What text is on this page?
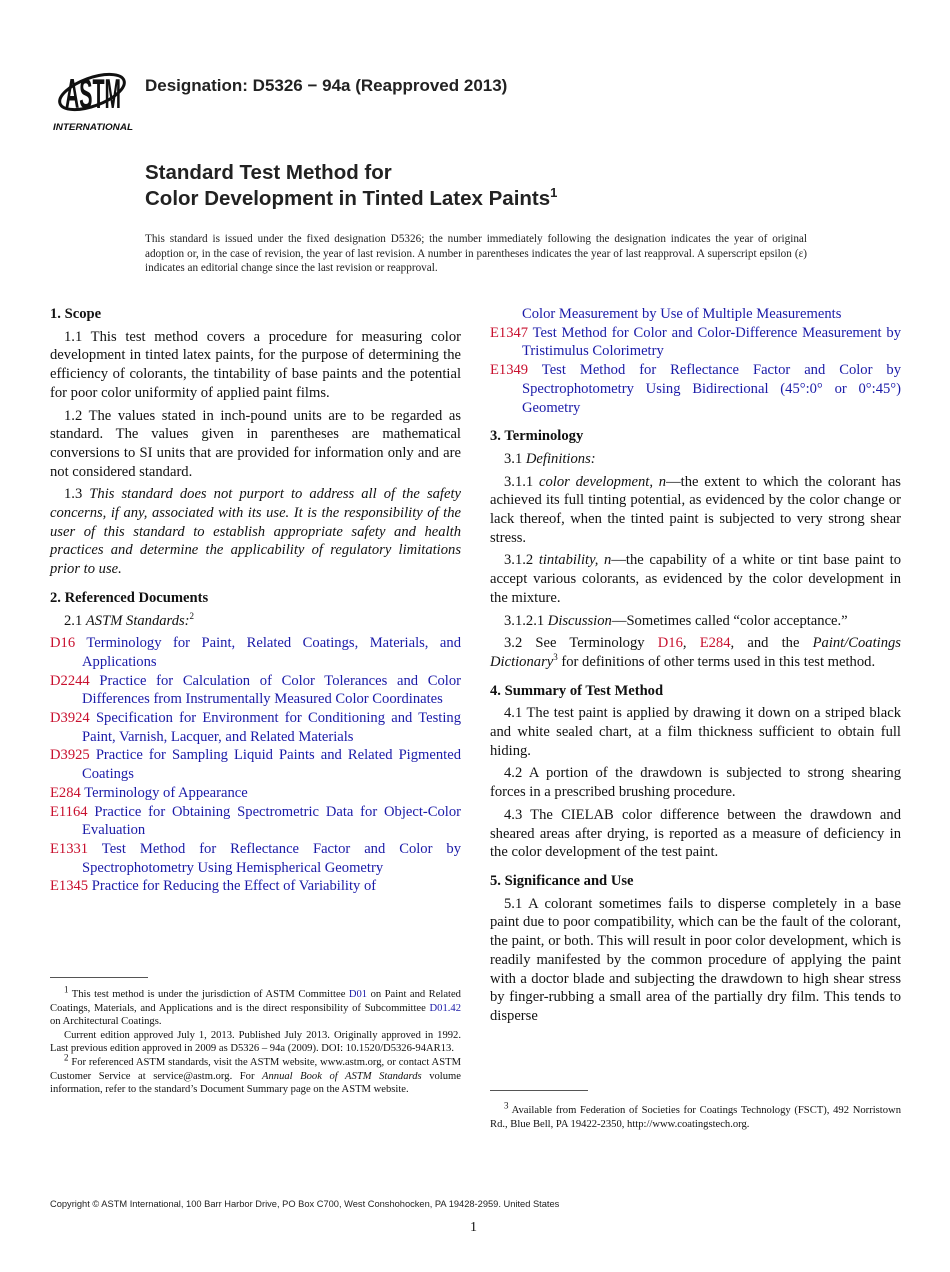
ASTM
INTERNATIONAL
Designation: D5326 − 94a (Reapproved 2013)
Standard Test Method for
Color Development in Tinted Latex Paints$^1$
This standard is issued under the fixed designation D5326; the number immediately following the designation indicates the year of original adoption or, in the case of revision, the year of last revision. A number in parentheses indicates the year of last reapproval. A superscript epsilon (ε) indicates an editorial change since the last revision or reapproval.
1. Scope

1.1 This test method covers a procedure for measuring color development in tinted latex paints, for the purpose of determining the efficiency of colorants, the tintability of base paints and the potential for poor color uniformity of applied paint films.

1.2 The values stated in inch-pound units are to be regarded as standard. The values given in parentheses are mathematical conversions to SI units that are provided for information only and are not considered standard.

1.3 This standard does not purport to address all of the safety concerns, if any, associated with its use. It is the responsibility of the user of this standard to establish appropriate safety and health practices and determine the applicability of regulatory limitations prior to use.

2. Referenced Documents

2.1 ASTM Standards:$^2$

D16 Terminology for Paint, Related Coatings, Materials, and Applications

D2244 Practice for Calculation of Color Tolerances and Color Differences from Instrumentally Measured Color Coordinates

D3924 Specification for Environment for Conditioning and Testing Paint, Varnish, Lacquer, and Related Materials

D3925 Practice for Sampling Liquid Paints and Related Pigmented Coatings

E284 Terminology of Appearance

E1164 Practice for Obtaining Spectrometric Data for Object-Color Evaluation

E1331 Test Method for Reflectance Factor and Color by Spectrophotometry Using Hemispherical Geometry

E1345 Practice for Reducing the Effect of Variability of

Color Measurement by Use of Multiple Measurements

E1347 Test Method for Color and Color-Difference Measurement by Tristimulus Colorimetry

E1349 Test Method for Reflectance Factor and Color by Spectrophotometry Using Bidirectional (45°:0° or 0°:45°) Geometry

3. Terminology

3.1 Definitions:

3.1.1 color development, n—the extent to which the colorant has achieved its full tinting potential, as evidenced by the color change or lack thereof, when the tinted paint is subjected to very strong shear stress.

3.1.2 tintability, n—the capability of a white or tint base paint to accept various colorants, as evidenced by the color development in the mixture.

3.1.2.1 Discussion—Sometimes called “color acceptance.”

3.2 See Terminology D16, E284, and the Paint/Coatings Dictionary$^3$ for definitions of other terms used in this test method.

4. Summary of Test Method

4.1 The test paint is applied by drawing it down on a striped black and white sealed chart, at a film thickness sufficient to obtain full hiding.

4.2 A portion of the drawdown is subjected to strong shearing forces in a prescribed brushing procedure.

4.3 The CIELAB color difference between the drawdown and sheared areas after drying, is reported as a measure of deficiency in the color development of the test paint.

5. Significance and Use

5.1 A colorant sometimes fails to disperse completely in a base paint due to poor compatibility, which can be the fault of the colorant, the paint, or both. This will result in poor color development, which is readily manifested by the common procedure of applying the paint with a doctor blade and subjecting the drawdown to high shear stress by finger-rubbing a small area of the partially dry film. This tends to disperse

$^1$ This test method is under the jurisdiction of ASTM Committee D01 on Paint and Related Coatings, Materials, and Applications and is the direct responsibility of Subcommittee D01.42 on Architectural Coatings.

Current edition approved July 1, 2013. Published July 2013. Originally approved in 1992. Last previous edition approved in 2009 as D5326 – 94a (2009). DOI: 10.1520/D5326-94AR13.

$^2$ For referenced ASTM standards, visit the ASTM website, www.astm.org, or contact ASTM Customer Service at service@astm.org. For Annual Book of ASTM Standards volume information, refer to the standard’s Document Summary page on the ASTM website.

$^3$ Available from Federation of Societies for Coatings Technology (FSCT), 492 Norristown Rd., Blue Bell, PA 19422-2350, http://www.coatingstech.org.

Copyright © ASTM International, 100 Barr Harbor Drive, PO Box C700, West Conshohocken, PA 19428-2959. United States
1
